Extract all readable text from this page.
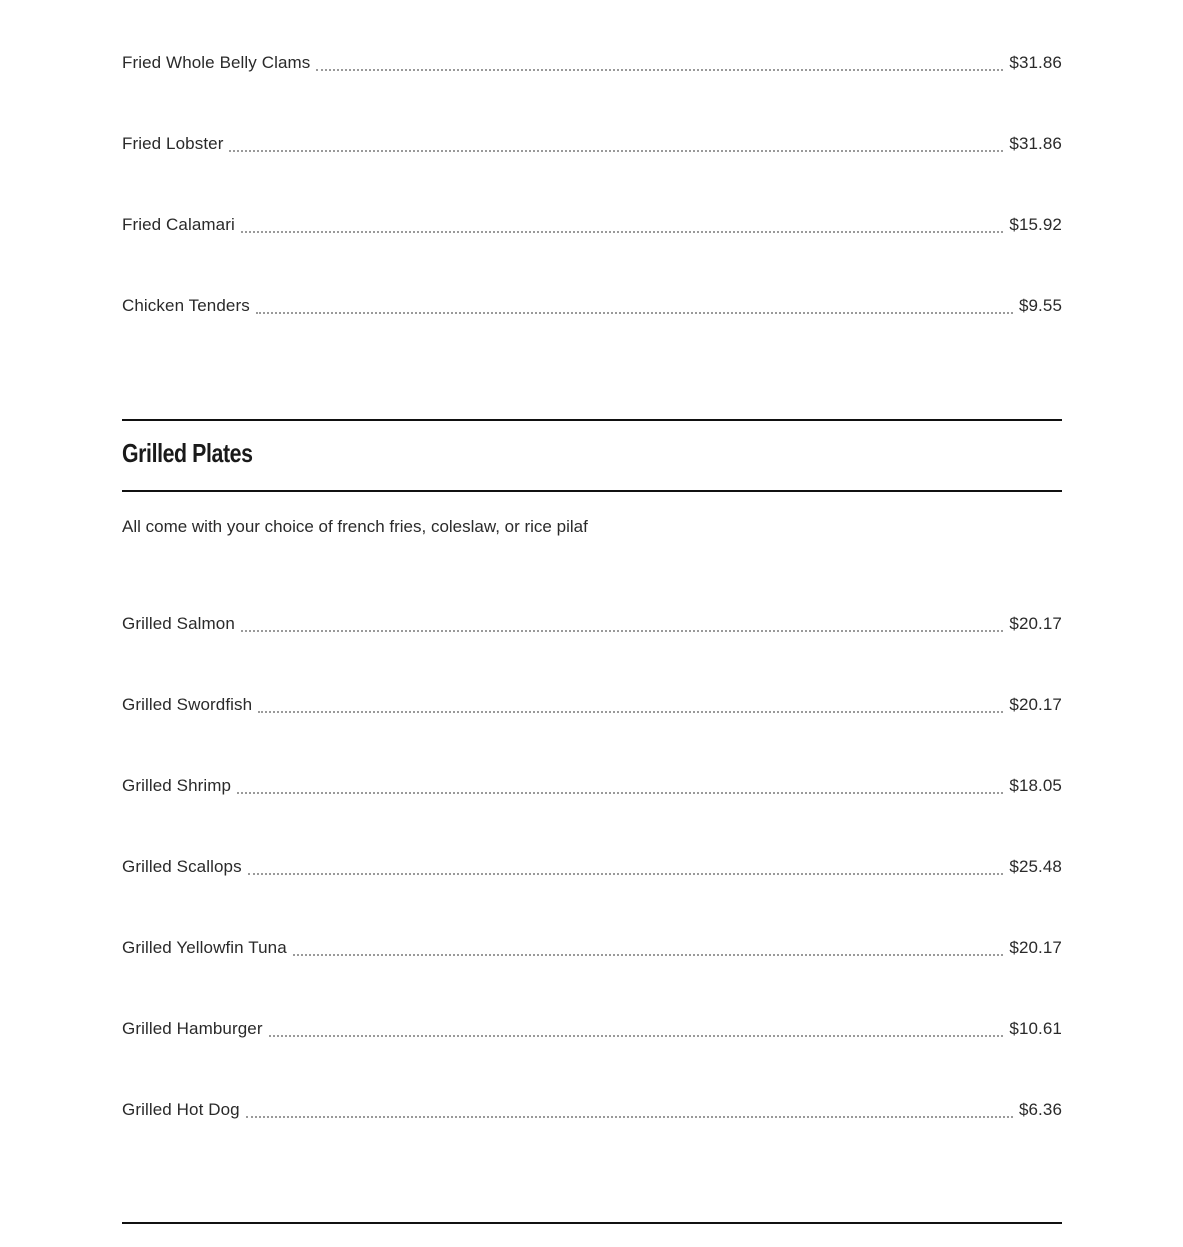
Fried Whole Belly Clams	$31.86
Fried Lobster	$31.86
Fried Calamari	$15.92
Chicken Tenders	$9.55
Grilled Plates
All come with your choice of french fries, coleslaw, or rice pilaf
Grilled Salmon	$20.17
Grilled Swordfish	$20.17
Grilled Shrimp	$18.05
Grilled Scallops	$25.48
Grilled Yellowfin Tuna	$20.17
Grilled Hamburger	$10.61
Grilled Hot Dog	$6.36
